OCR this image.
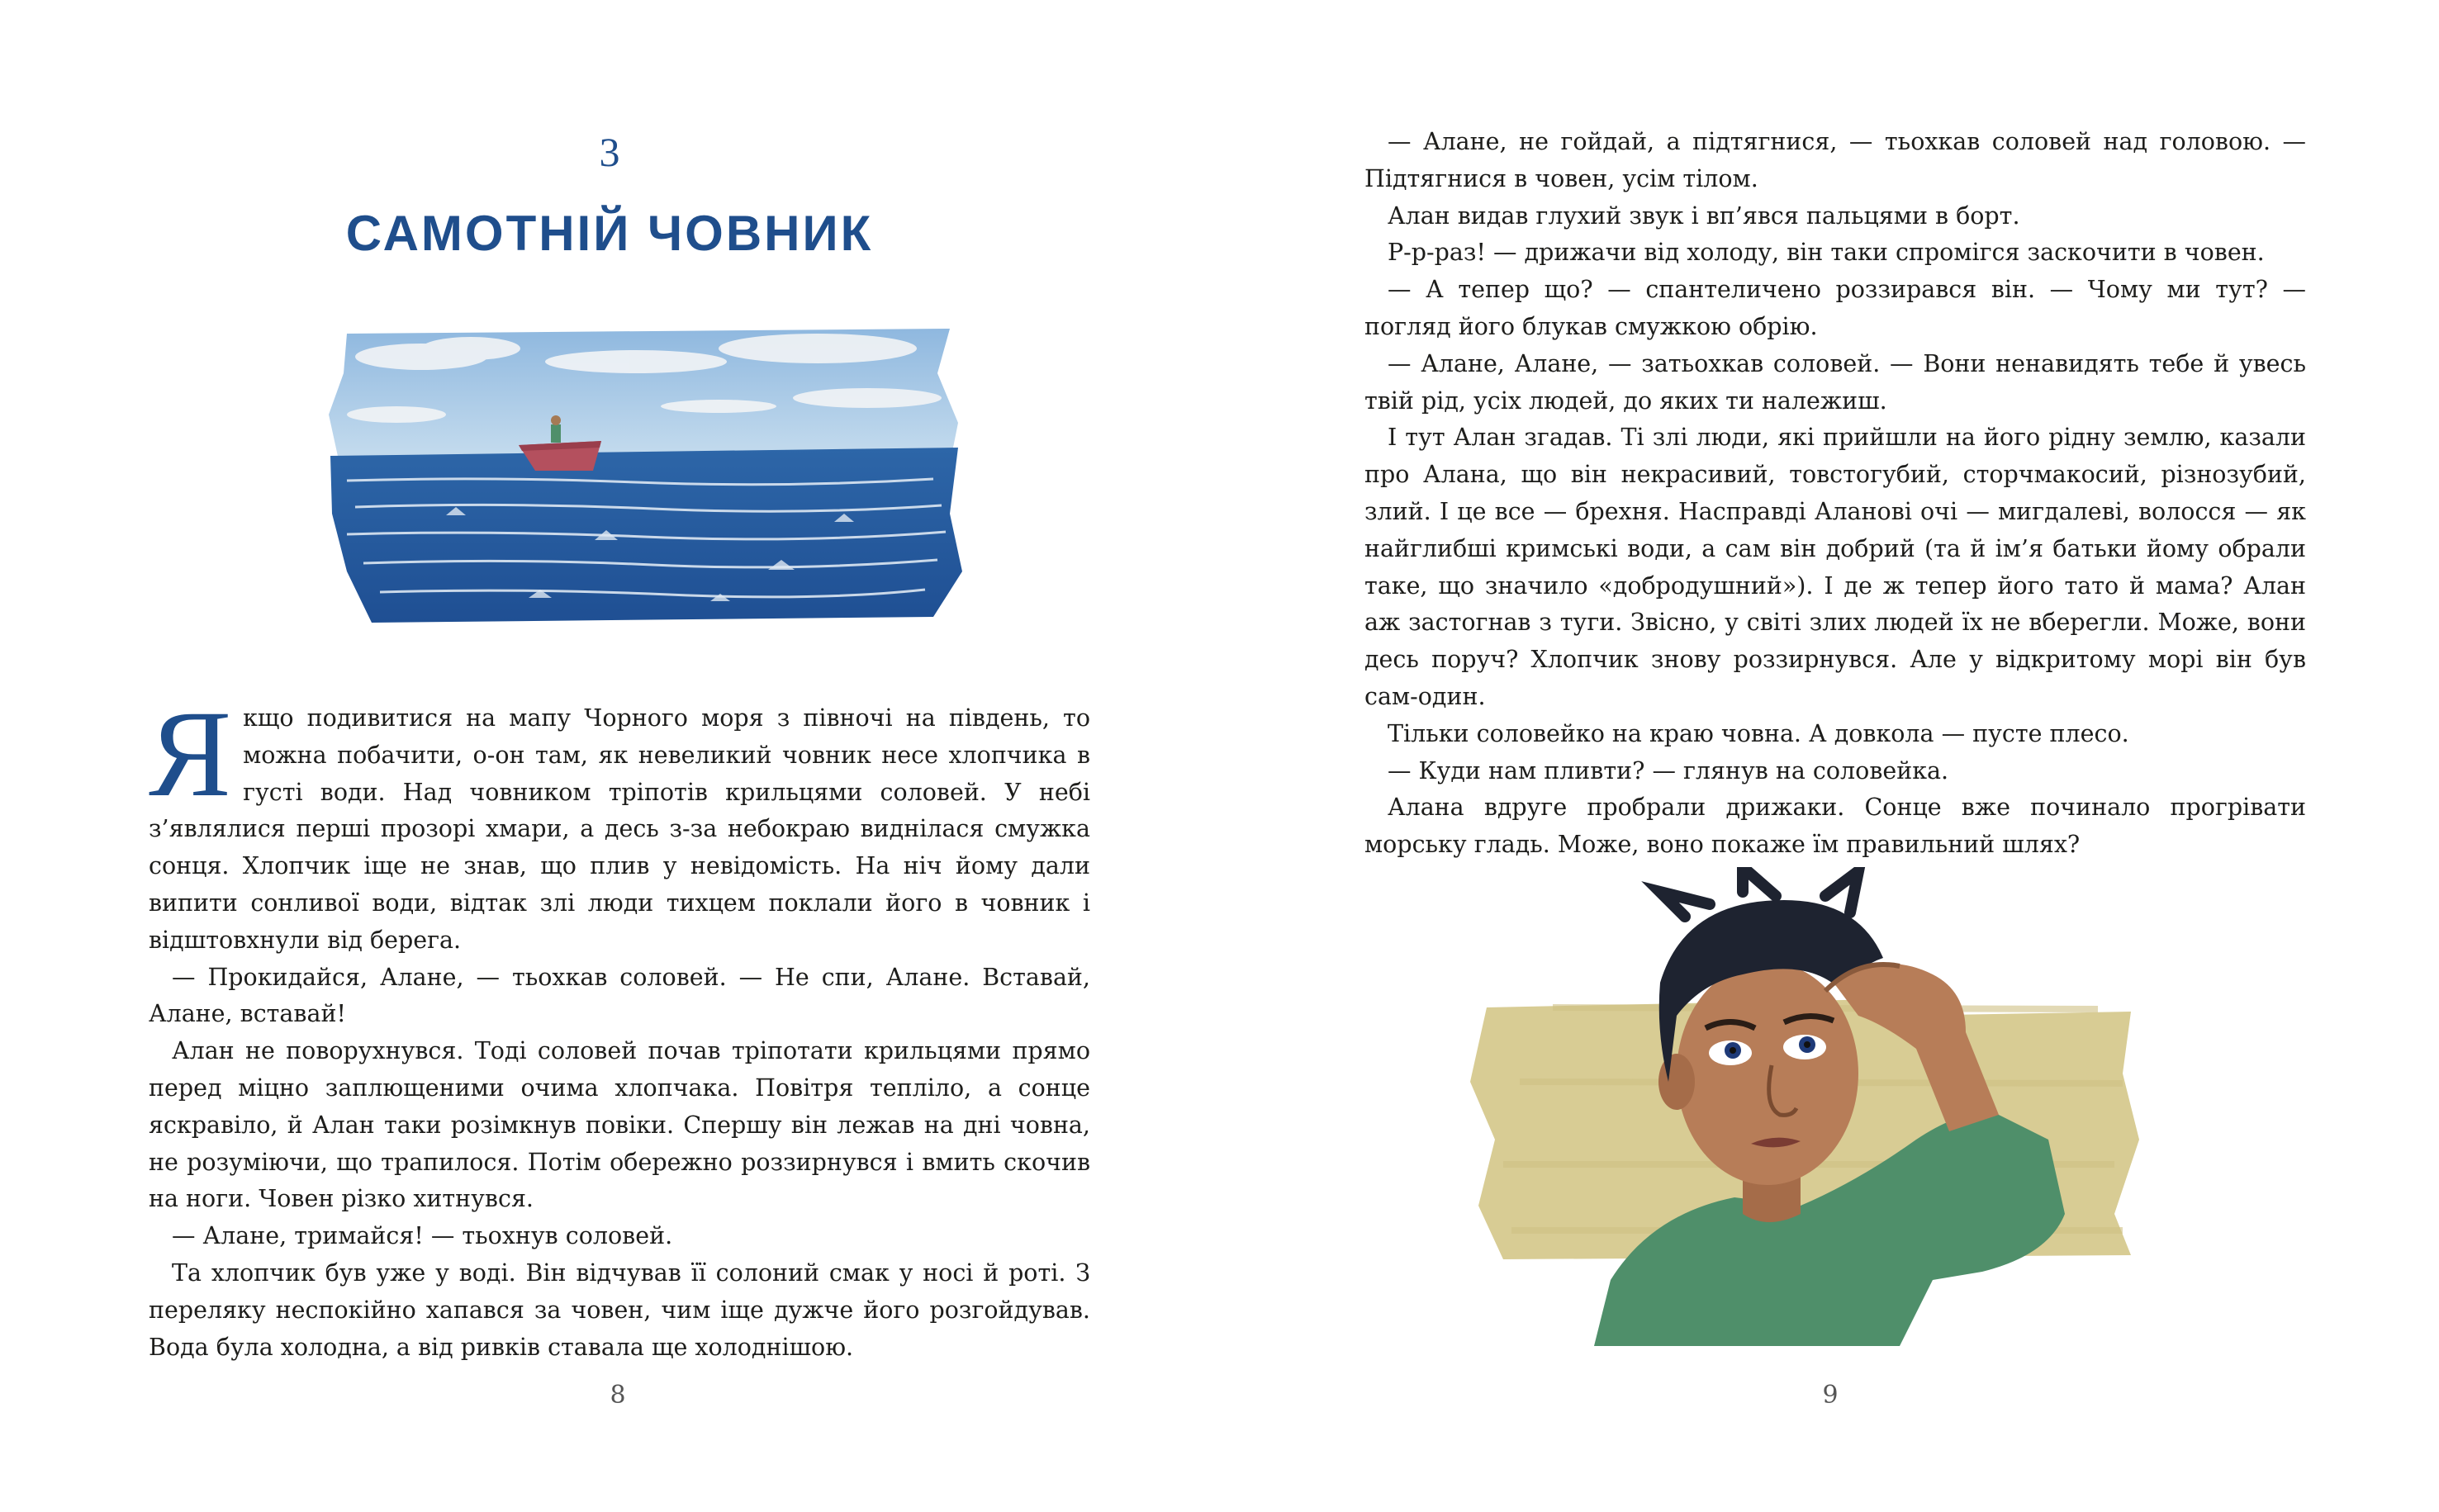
3
САМОТНІЙ ЧОВНИК

Якщо подивитися на мапу Чорного моря з півночі на південь, то можна побачити, о-он там, як невеликий човник несе хлопчика в густі води. Над човником тріпотів крильцями соловей. У небі з’являлися перші прозорі хмари, а десь з-за небокраю виднілася смужка сонця. Хлопчик іще не знав, що плив у невідомість. На ніч йому дали випити сонливої води, відтак злі люди тихцем поклали його в човник і відштовхнули від берега.

— Прокидайся, Алане, — тьохкав соловей. — Не спи, Алане. Вставай, Алане, вставай!

Алан не поворухнувся. Тоді соловей почав тріпотати крильцями прямо перед міцно заплющеними очима хлопчака. Повітря тепліло, а сонце яскравіло, й Алан таки розімкнув повіки. Спершу він лежав на дні човна, не розуміючи, що трапилося. Потім обережно роззирнувся і вмить скочив на ноги. Човен різко хитнувся.

— Алане, тримайся! — тьохнув соловей.

Та хлопчик був уже у воді. Він відчував її солоний смак у носі й роті. З переляку неспокійно хапався за човен, чим іще дужче його розгойдував. Вода була холодна, а від ривків ставала ще холоднішою.

8

— Алане, не гойдай, а підтягнися, — тьохкав соловей над головою. — Підтягнися в човен, усім тілом.

Алан видав глухий звук і вп’явся пальцями в борт.

Р-р-раз! — дрижачи від холоду, він таки спромігся заскочити в човен.

— А тепер що? — спантеличено роззирався він. — Чому ми тут? — погляд його блукав смужкою обрію.

— Алане, Алане, — затьохкав соловей. — Вони ненавидять тебе й увесь твій рід, усіх людей, до яких ти належиш.

І тут Алан згадав. Ті злі люди, які прийшли на його рідну землю, казали про Алана, що він некрасивий, товстогубий, сторчмакосий, різнозубий, злий. І це все — брехня. Насправді Аланові очі — мигдалеві, волосся — як найглибші кримські води, а сам він добрий (та й ім’я батьки йому обрали таке, що значило «добродушний»). І де ж тепер його тато й мама? Алан аж застогнав з туги. Звісно, у світі злих людей їх не вберегли. Може, вони десь поруч? Хлопчик знову роззирнувся. Але у відкритому морі він був сам-один.

Тільки соловейко на краю човна. А довкола — пусте плесо.

— Куди нам пливти? — глянув на соловейка.

Алана вдруге пробрали дрижаки. Сонце вже починало прогрівати морську гладь. Може, воно покаже їм правильний шлях?

9
